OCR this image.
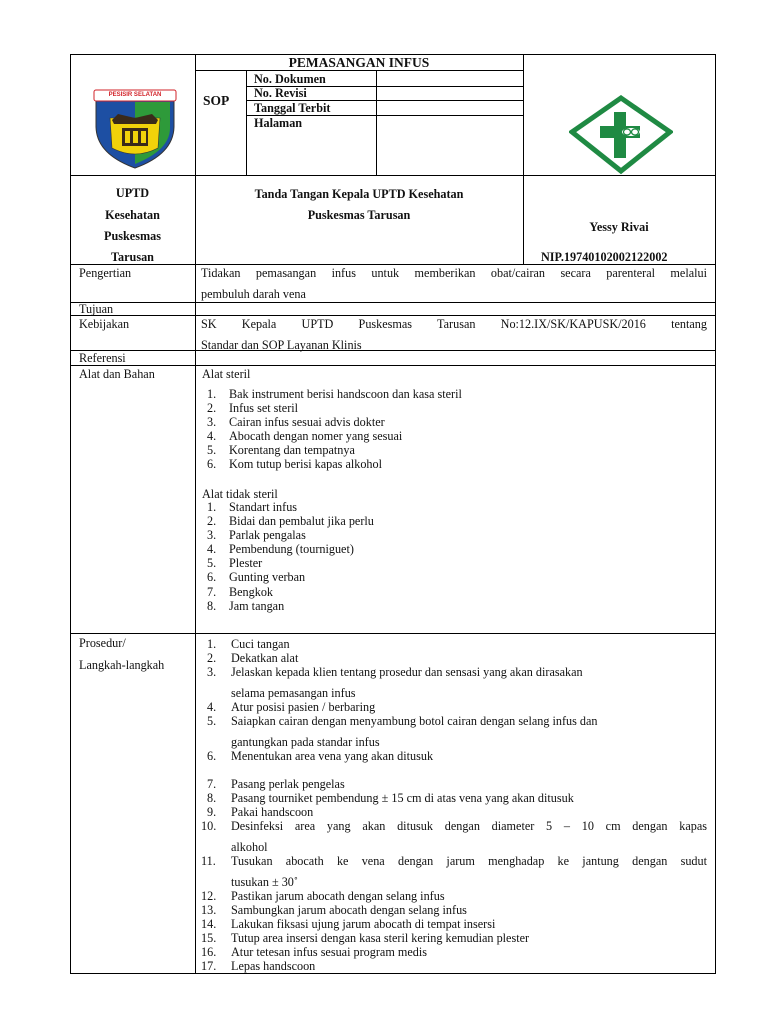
PESISIR SELATAN
PEMASANGAN INFUS
SOP
No. Dokumen
No. Revisi
Tanggal Terbit
Halaman
UPTD
Kesehatan
Puskesmas
Tarusan
Tanda Tangan Kepala UPTD Kesehatan
Puskesmas Tarusan
Yessy Rivai
NIP.19740102002122002
Pengertian
Tujuan
Kebijakan
Referensi
Alat dan Bahan
Prosedur/
Langkah-langkah
Tidakan pemasangan infus untuk memberikan obat/cairan secara parenteral melalui
pembuluh darah vena
SK Kepala UPTD Puskesmas Tarusan No:12.IX/SK/KAPUSK/2016 tentang
Standar dan SOP Layanan Klinis
Alat steril
1. Bak instrument berisi handscoon dan kasa steril
2. Infus set steril
3. Cairan infus sesuai advis dokter
4. Abocath dengan nomer yang sesuai
5. Korentang dan tempatnya
6. Kom tutup berisi kapas alkohol
Alat tidak steril
1. Standart infus
2. Bidai dan pembalut jika perlu
3. Parlak pengalas
4. Pembendung (tourniguet)
5. Plester
6. Gunting verban
7. Bengkok
8. Jam tangan
1. Cuci tangan
2. Dekatkan alat
3. Jelaskan kepada klien tentang prosedur dan sensasi yang akan dirasakan
selama pemasangan infus
4. Atur posisi pasien / berbaring
5. Saiapkan cairan dengan menyambung botol cairan dengan selang infus dan
gantungkan pada standar infus
6. Menentukan area vena yang akan ditusuk
7. Pasang perlak pengelas
8. Pasang tourniket pembendung ± 15 cm di atas vena yang akan ditusuk
9. Pakai handscoon
10. Desinfeksi area yang akan ditusuk dengan diameter 5 – 10 cm dengan kapas
alkohol
11. Tusukan abocath ke vena dengan jarum menghadap ke jantung dengan sudut
tusukan ± 30˚
12. Pastikan jarum abocath dengan selang infus
13. Sambungkan jarum abocath dengan selang infus
14. Lakukan fiksasi ujung jarum abocath di tempat insersi
15. Tutup area insersi dengan kasa steril kering kemudian plester
16. Atur tetesan infus sesuai program medis
17. Lepas handscoon
